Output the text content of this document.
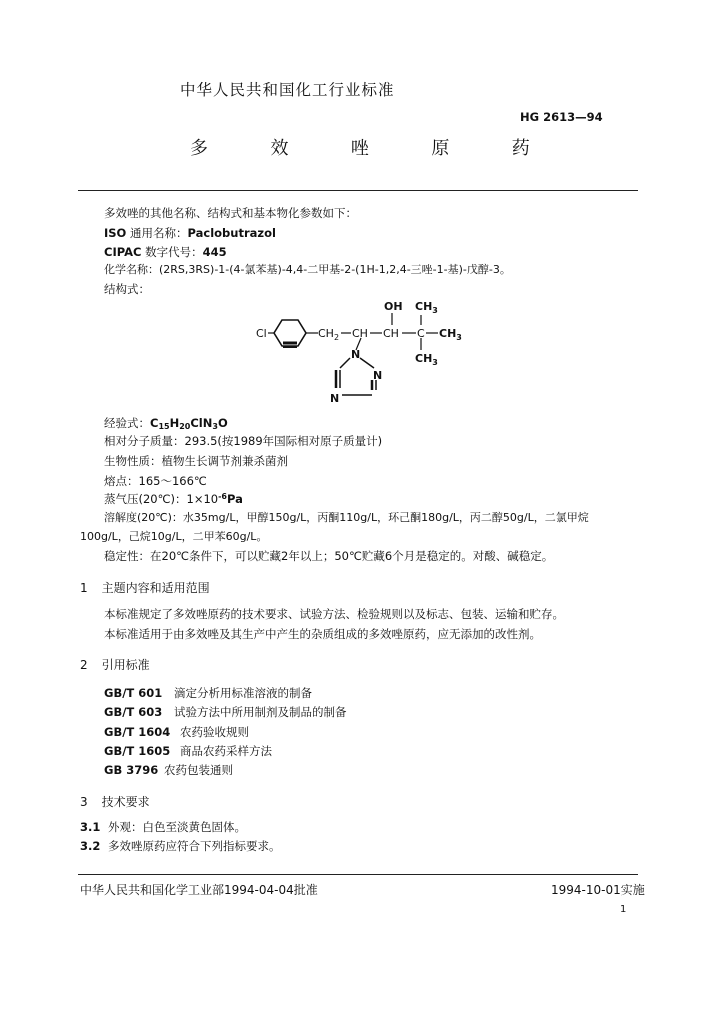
中华人民共和国化工行业标准
HG 2613—94
多  效  唑  原  药
多效唑的其他名称、结构式和基本物化参数如下：
ISO 通用名称：Paclobutrazol
CIPAC 数字代号：445
化学名称：(2RS,3RS)-1-(4-氯苯基)-4,4-二甲基-2-(1H-1,2,4-三唑-1-基)-戊醇-3。
结构式：
Cl	$CH_2$ CH CH
OH
C
$CH_3$
$CH_3$
$CH_3$
N
N
N
经验式：$C_{15}H_{20}ClN_3O$
相对分子质量：293.5(按1989年国际相对原子质量计)
生物性质：植物生长调节剂兼杀菌剂
熔点：165～166℃
蒸气压(20℃)：$1\times 10^{-6}Pa$
溶解度(20℃)：水35mg/L，甲醇150g/L，丙酮110g/L，环己酮180g/L，丙二醇50g/L，二氯甲烷
100g/L，己烷10g/L，二甲苯60g/L。
稳定性：在20℃条件下，可以贮藏2年以上；50℃贮藏6个月是稳定的。对酸、碱稳定。
1 主题内容和适用范围
本标准规定了多效唑原药的技术要求、试验方法、检验规则以及标志、包装、运输和贮存。
本标准适用于由多效唑及其生产中产生的杂质组成的多效唑原药，应无添加的改性剂。
2 引用标准
GB/T 601 滴定分析用标准溶液的制备
GB/T 603 试验方法中所用制剂及制品的制备
GB/T 1604 农药验收规则
GB/T 1605 商品农药采样方法
GB 3796 农药包装通则
3 技术要求
3.1 外观：白色至淡黄色固体。
3.2 多效唑原药应符合下列指标要求。
中华人民共和国化学工业部1994-04-04批准	1994-10-01实施
1
